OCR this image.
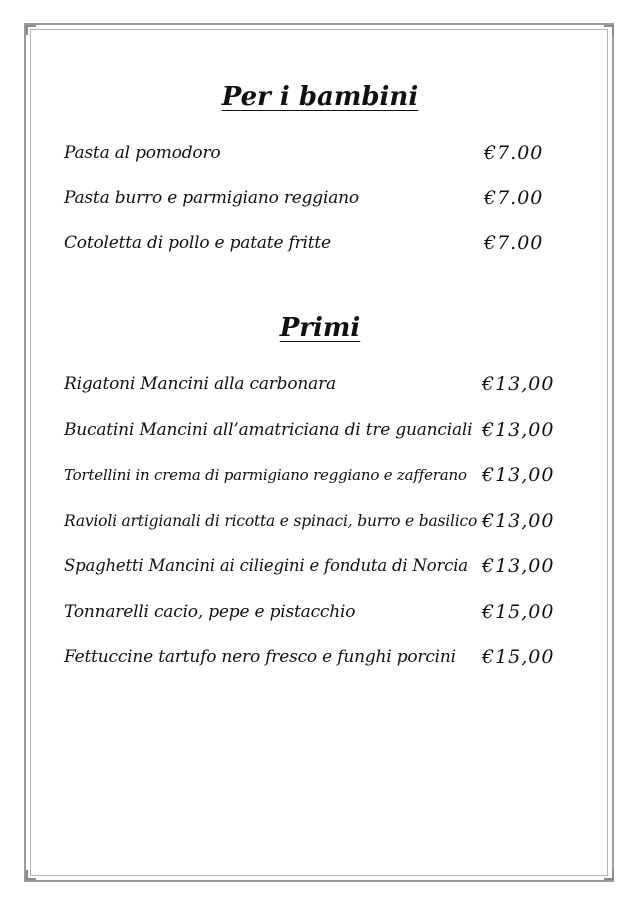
Per i bambini
Pasta al pomodoro	€7.00
Pasta burro e parmigiano reggiano	€7.00
Cotoletta di pollo e patate fritte	€7.00
Primi
Rigatoni Mancini alla carbonara	€13,00
Bucatini Mancini all’amatriciana di tre guanciali €13,00
Tortellini in crema di parmigiano reggiano e zafferano €13,00
Ravioli artigianali di ricotta e spinaci, burro e basilico €13,00
Spaghetti Mancini ai ciliegini e fonduta di Norcia €13,00
Tonnarelli cacio, pepe e pistacchio	€15,00
Fettuccine tartufo nero fresco e funghi porcini €15,00
